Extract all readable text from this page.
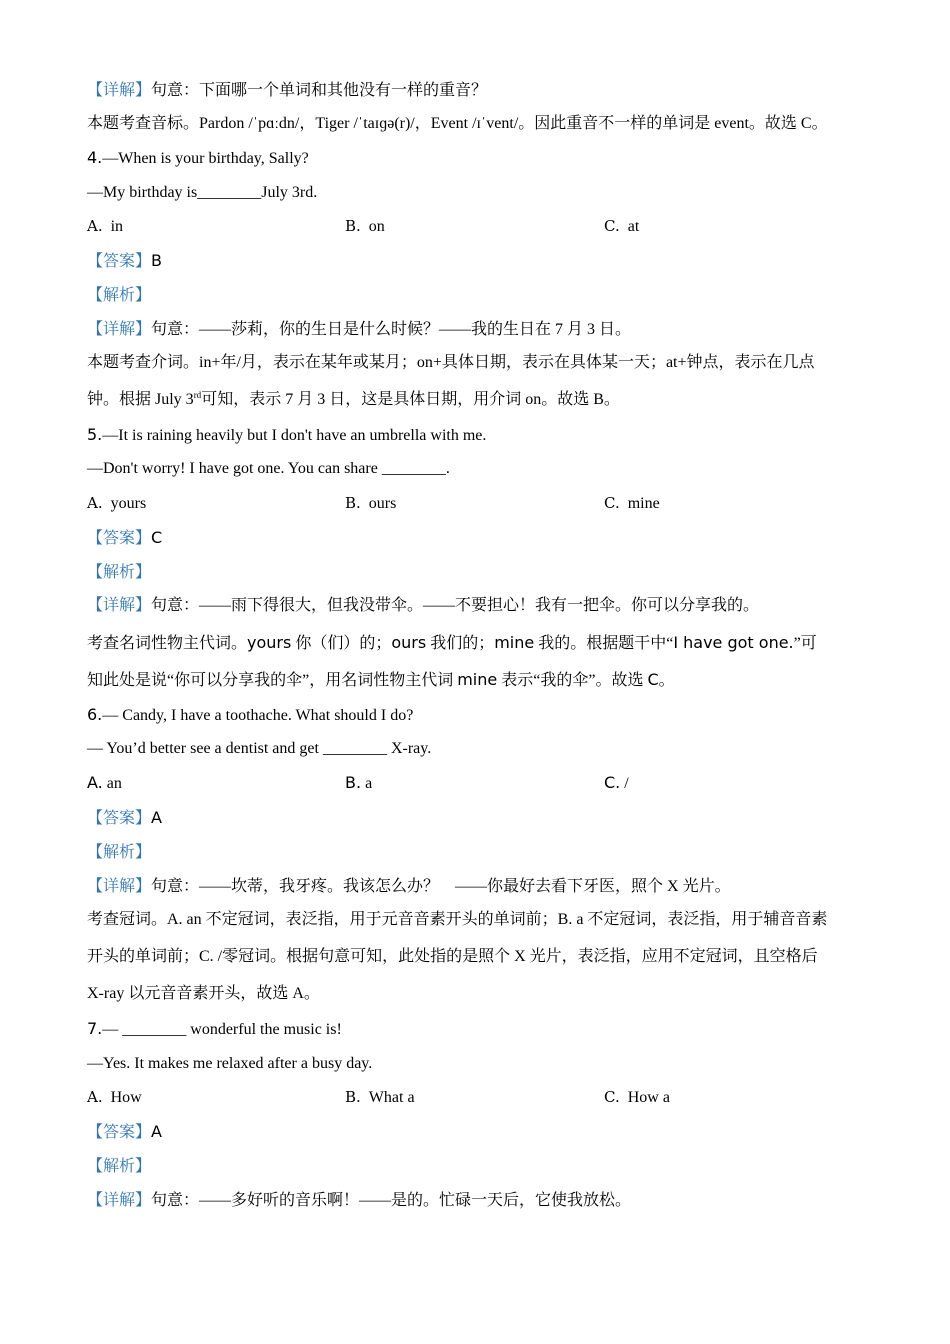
【详解】句意：下面哪一个单词和其他没有一样的重音？
本题考查音标。Pardon /ˈpɑːdn/，Tiger /ˈtaɪɡə(r)/，Event /ɪˈvent/。因此重音不一样的单词是 event。故选 C。
4.—When is your birthday, Sally?
—My birthday is________July 3rd.
A. in	B. on	C. at
【答案】B
【解析】
【详解】句意：——莎莉，你的生日是什么时候？——我的生日在 7 月 3 日。
本题考查介词。in+年/月，表示在某年或某月；on+具体日期，表示在具体某一天；at+钟点，表示在几点
钟。根据 July 3rd可知，表示 7 月 3 日，这是具体日期，用介词 on。故选 B。
5.—It is raining heavily but I don't have an umbrella with me.
—Don't worry! I have got one. You can share ________.
A. yours	B. ours	C. mine
【答案】C
【解析】
【详解】句意：——雨下得很大，但我没带伞。——不要担心！我有一把伞。你可以分享我的。
考查名词性物主代词。yours 你（们）的；ours 我们的；mine 我的。根据题干中“I have got one.”可
知此处是说“你可以分享我的伞”，用名词性物主代词 mine 表示“我的伞”。故选 C。
6.— Candy, I have a toothache. What should I do?
— You’d better see a dentist and get ________ X-ray.
A. an	B. a	C. /
【答案】A
【解析】
【详解】句意：——坎蒂，我牙疼。我该怎么办？　——你最好去看下牙医，照个 X 光片。
考查冠词。A. an 不定冠词，表泛指，用于元音音素开头的单词前；B. a 不定冠词，表泛指，用于辅音音素
开头的单词前；C. /零冠词。根据句意可知，此处指的是照个 X 光片，表泛指，应用不定冠词，且空格后
X-ray 以元音音素开头，故选 A。
7.— ________ wonderful the music is!
—Yes. It makes me relaxed after a busy day.
A. How	B. What a	C. How a
【答案】A
【解析】
【详解】句意：——多好听的音乐啊！——是的。忙碌一天后，它使我放松。
